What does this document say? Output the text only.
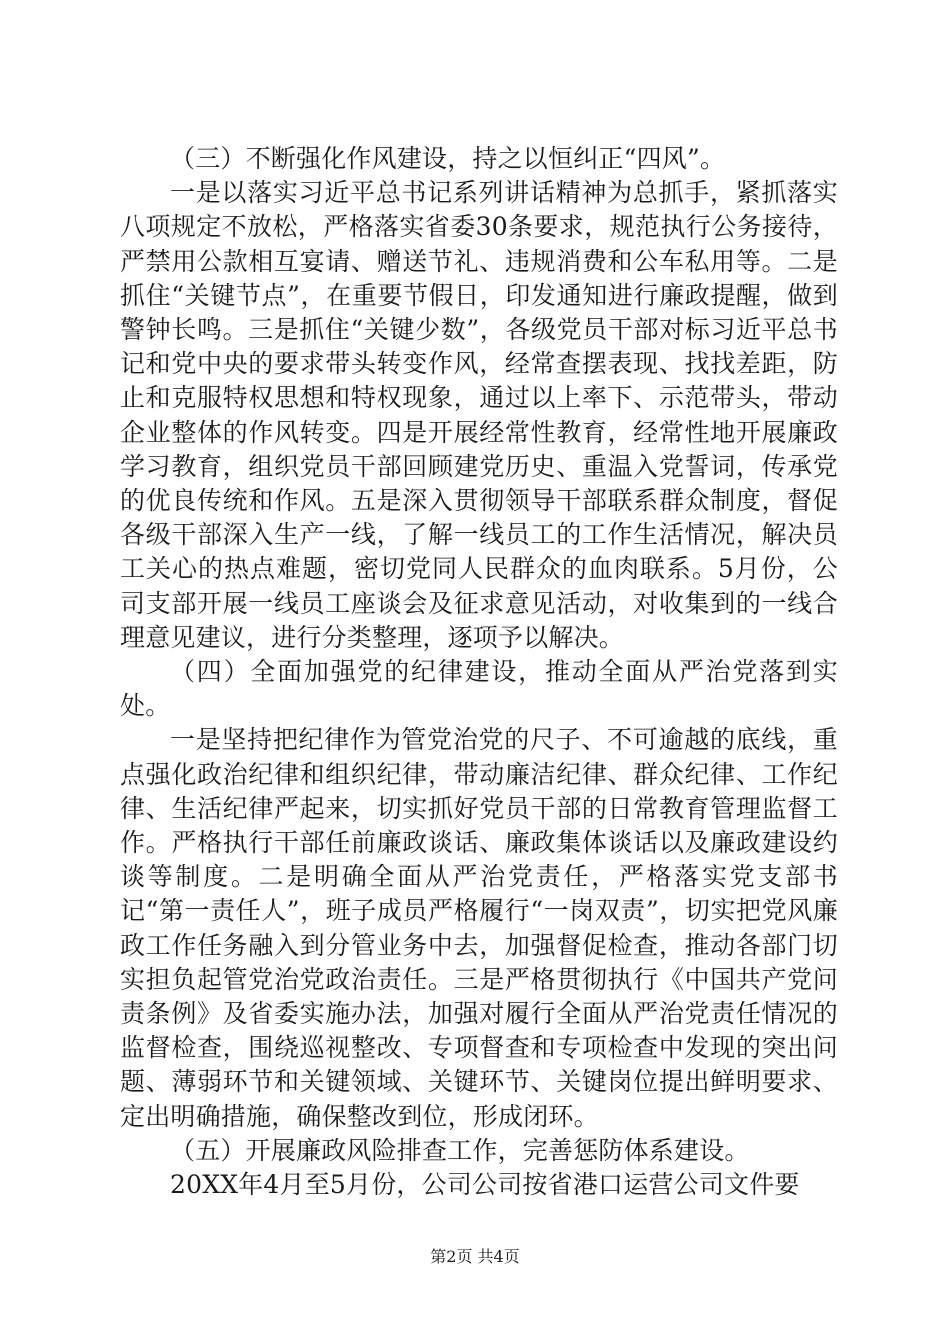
（三）不断强化作风建设，持之以恒纠正“四风”。

一是以落实习近平总书记系列讲话精神为总抓手，紧抓落实八项规定不放松，严格落实省委30条要求，规范执行公务接待，严禁用公款相互宴请、赠送节礼、违规消费和公车私用等。二是抓住“关键节点”，在重要节假日，印发通知进行廉政提醒，做到警钟长鸣。三是抓住“关键少数”，各级党员干部对标习近平总书记和党中央的要求带头转变作风，经常查摆表现、找找差距，防止和克服特权思想和特权现象，通过以上率下、示范带头，带动企业整体的作风转变。四是开展经常性教育，经常性地开展廉政学习教育，组织党员干部回顾建党历史、重温入党誓词，传承党的优良传统和作风。五是深入贯彻领导干部联系群众制度，督促各级干部深入生产一线，了解一线员工的工作生活情况，解决员工关心的热点难题，密切党同人民群众的血肉联系。5月份，公司支部开展一线员工座谈会及征求意见活动，对收集到的一线合理意见建议，进行分类整理，逐项予以解决。

（四）全面加强党的纪律建设，推动全面从严治党落到实处。

一是坚持把纪律作为管党治党的尺子、不可逾越的底线，重点强化政治纪律和组织纪律，带动廉洁纪律、群众纪律、工作纪律、生活纪律严起来，切实抓好党员干部的日常教育管理监督工作。严格执行干部任前廉政谈话、廉政集体谈话以及廉政建设约谈等制度。二是明确全面从严治党责任，严格落实党支部书记“第一责任人”，班子成员严格履行“一岗双责”，切实把党风廉政工作任务融入到分管业务中去，加强督促检查，推动各部门切实担负起管党治党政治责任。三是严格贯彻执行《中国共产党问责条例》及省委实施办法，加强对履行全面从严治党责任情况的监督检查，围绕巡视整改、专项督查和专项检查中发现的突出问题、薄弱环节和关键领域、关键环节、关键岗位提出鲜明要求、定出明确措施，确保整改到位，形成闭环。

（五）开展廉政风险排查工作，完善惩防体系建设。

20XX年4月至5月份，公司公司按省港口运营公司文件要

第2页 共4页
